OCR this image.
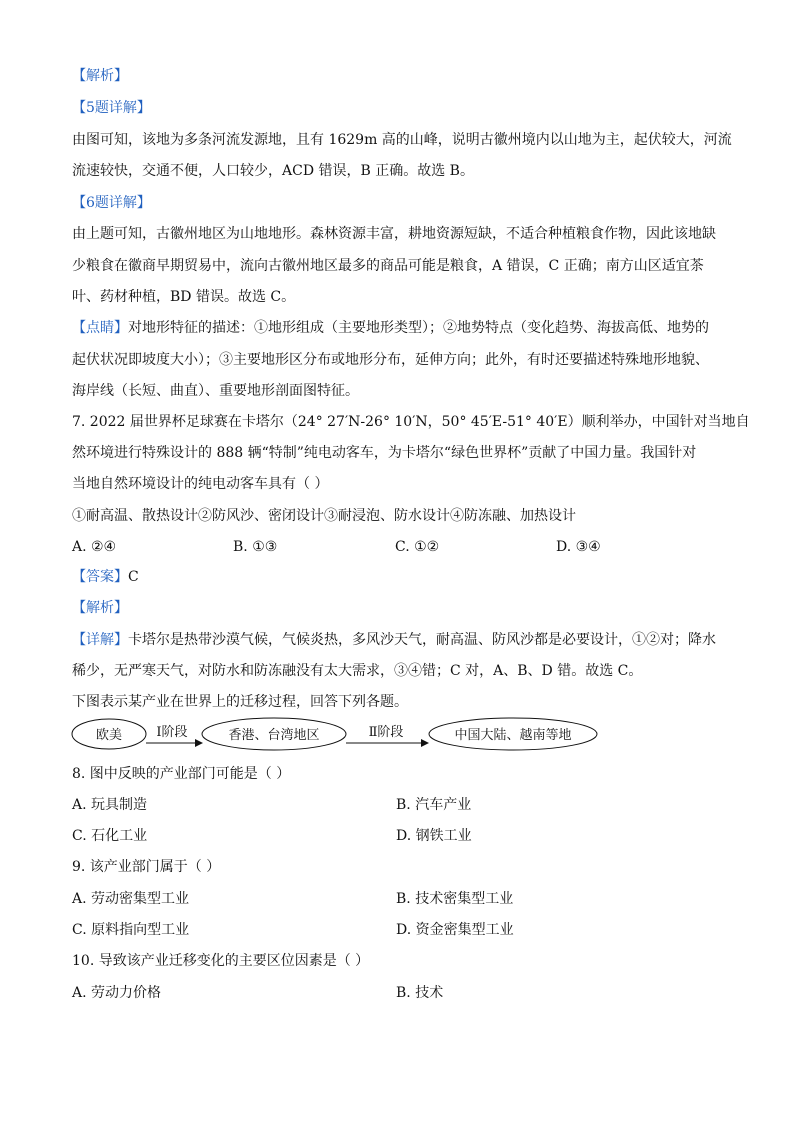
【解析】
【5题详解】
由图可知，该地为多条河流发源地，且有 1629m 高的山峰，说明古徽州境内以山地为主，起伏较大，河流
流速较快，交通不便，人口较少，ACD 错误，B 正确。故选 B。
【6题详解】
由上题可知，古徽州地区为山地地形。森林资源丰富，耕地资源短缺，不适合种植粮食作物，因此该地缺
少粮食在徽商早期贸易中，流向古徽州地区最多的商品可能是粮食，A 错误，C 正确；南方山区适宜茶
叶、药材种植，BD 错误。故选 C。
【点睛】对地形特征的描述：①地形组成（主要地形类型）；②地势特点（变化趋势、海拔高低、地势的
起伏状况即坡度大小）；③主要地形区分布或地形分布，延伸方向；此外，有时还要描述特殊地形地貌、
海岸线（长短、曲直）、重要地形剖面图特征。
7. 2022 届世界杯足球赛在卡塔尔（24° 27′N-26° 10′N，50° 45′E-51° 40′E）顺利举办，中国针对当地自
然环境进行特殊设计的 888 辆“特制”纯电动客车，为卡塔尔“绿色世界杯”贡献了中国力量。我国针对
当地自然环境设计的纯电动客车具有（ ）
①耐高温、散热设计②防风沙、密闭设计③耐浸泡、防水设计④防冻融、加热设计
A. ②④	B. ①③	C. ①②	D. ③④
【答案】C
【解析】
【详解】卡塔尔是热带沙漠气候，气候炎热，多风沙天气，耐高温、防风沙都是必要设计，①②对；降水
稀少，无严寒天气，对防水和防冻融没有太大需求，③④错；C 对，A、B、D 错。故选 C。
下图表示某产业在世界上的迁移过程，回答下列各题。
欧美	Ⅰ阶段	香港、台湾地区	Ⅱ阶段	中国大陆、越南等地
8. 图中反映的产业部门可能是（ ）
A. 玩具制造	B. 汽车产业
C. 石化工业	D. 钢铁工业
9. 该产业部门属于（ ）
A. 劳动密集型工业	B. 技术密集型工业
C. 原料指向型工业	D. 资金密集型工业
10. 导致该产业迁移变化的主要区位因素是（ ）
A. 劳动力价格	B. 技术
